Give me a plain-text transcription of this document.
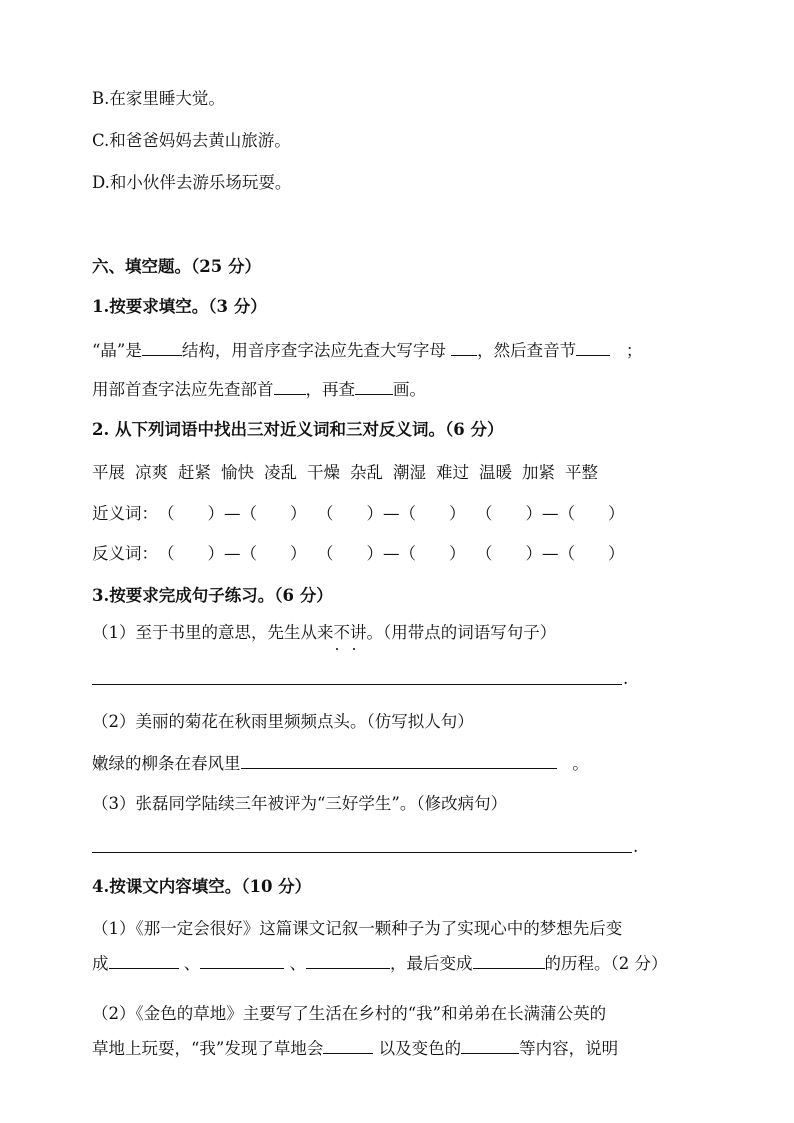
B.在家里睡大觉。
C.和爸爸妈妈去黄山旅游。
D.和小伙伴去游乐场玩耍。
六、填空题。（25 分）
1.按要求填空。（3 分）
“晶”是 结构，用音序查字法应先查大写字母 ，然后查音节	；
用部首查字法应先查部首 ，再查 画。
2. 从下列词语中找出三对近义词和三对反义词。（6 分）
平展 凉爽 赶紧 愉快 凌乱 干燥 杂乱 潮湿 难过 温暖 加紧 平整
近义词：（　　）—（　　） （　　）—（　　） （　　）—（　　）
反义词：（　　）—（　　） （　　）—（　　） （　　）—（　　）
3.按要求完成句子练习。（6 分）
（1）至于书里的意思，先生从来不讲。（用带点的词语写句子）
.
（2）美丽的菊花在秋雨里频频点头。（仿写拟人句）
嫩绿的柳条在春风里	。
（3）张磊同学陆续三年被评为“三好学生”。（修改病句）
.
4.按课文内容填空。（10 分）
（1）《那一定会很好》这篇课文记叙一颗种子为了实现心中的梦想先后变
成	、	、	，最后变成	的历程。（2 分）
（2）《金色的草地》主要写了生活在乡村的“我”和弟弟在长满蒲公英的
草地上玩耍，“我”发现了草地会	以及变色的	等内容，说明
